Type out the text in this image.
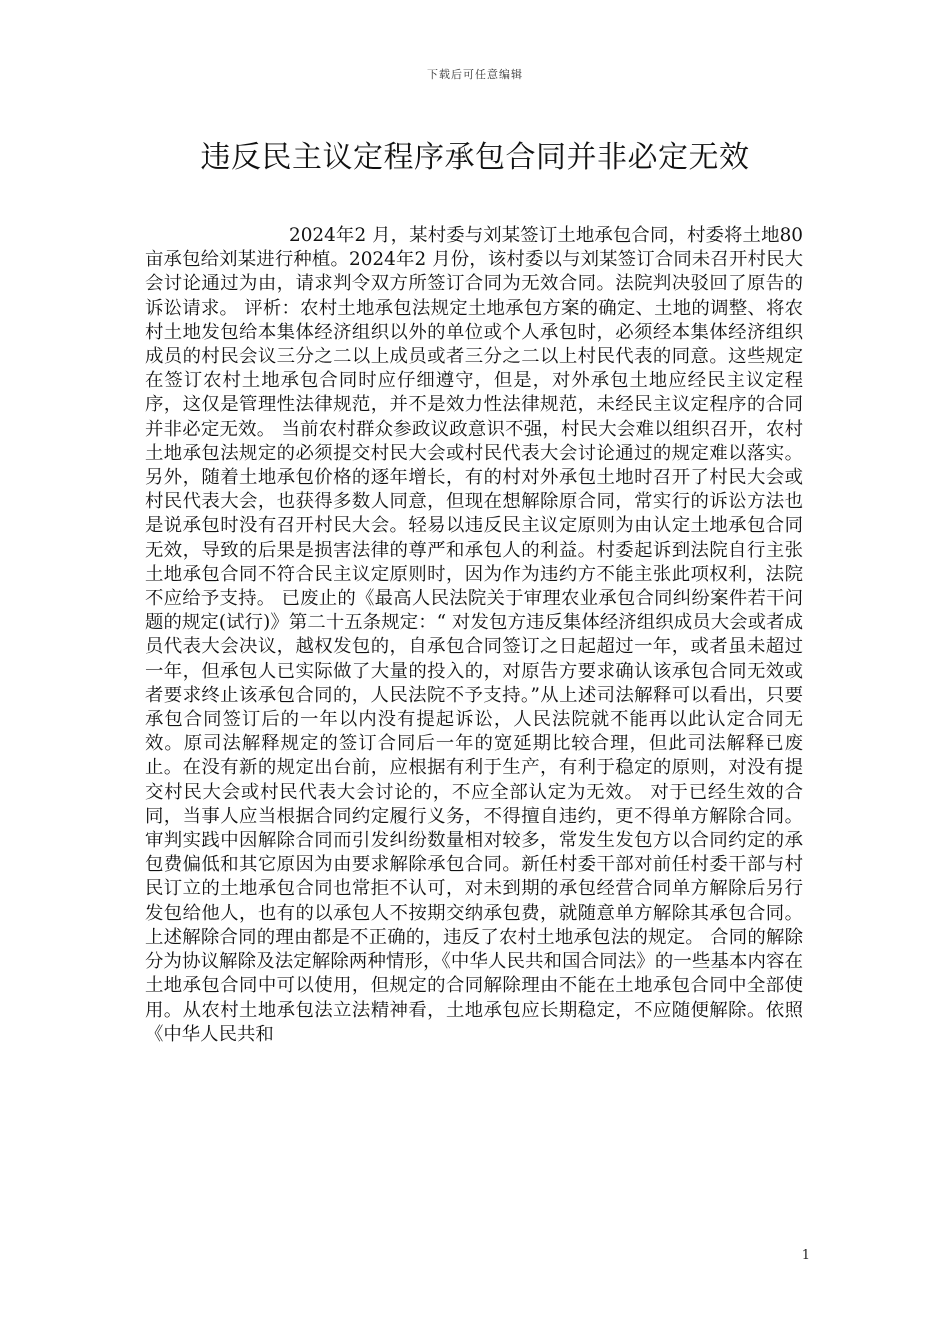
下载后可任意编辑
违反民主议定程序承包合同并非必定无效

2024年2 月，某村委与刘某签订土地承包合同，村委将土地80亩承包给刘某进行种植。2024年2 月份，该村委以与刘某签订合同未召开村民大会讨论通过为由，请求判令双方所签订合同为无效合同。法院判决驳回了原告的诉讼请求。 评析：农村土地承包法规定土地承包方案的确定、土地的调整、将农村土地发包给本集体经济组织以外的单位或个人承包时，必须经本集体经济组织成员的村民会议三分之二以上成员或者三分之二以上村民代表的同意。这些规定在签订农村土地承包合同时应仔细遵守，但是，对外承包土地应经民主议定程序，这仅是管理性法律规范，并不是效力性法律规范，未经民主议定程序的合同并非必定无效。 当前农村群众参政议政意识不强，村民大会难以组织召开，农村土地承包法规定的必须提交村民大会或村民代表大会讨论通过的规定难以落实。另外，随着土地承包价格的逐年增长，有的村对外承包土地时召开了村民大会或村民代表大会，也获得多数人同意，但现在想解除原合同，常实行的诉讼方法也是说承包时没有召开村民大会。轻易以违反民主议定原则为由认定土地承包合同无效，导致的后果是损害法律的尊严和承包人的利益。村委起诉到法院自行主张土地承包合同不符合民主议定原则时，因为作为违约方不能主张此项权利，法院不应给予支持。 已废止的《最高人民法院关于审理农业承包合同纠纷案件若干问题的规定(试行)》第二十五条规定：“ 对发包方违反集体经济组织成员大会或者成员代表大会决议，越权发包的，自承包合同签订之日起超过一年，或者虽未超过一年，但承包人已实际做了大量的投入的，对原告方要求确认该承包合同无效或者要求终止该承包合同的，人民法院不予支持。”从上述司法解释可以看出，只要承包合同签订后的一年以内没有提起诉讼，人民法院就不能再以此认定合同无效。原司法解释规定的签订合同后一年的宽延期比较合理，但此司法解释已废止。在没有新的规定出台前，应根据有利于生产，有利于稳定的原则，对没有提交村民大会或村民代表大会讨论的，不应全部认定为无效。 对于已经生效的合同，当事人应当根据合同约定履行义务，不得擅自违约，更不得单方解除合同。审判实践中因解除合同而引发纠纷数量相对较多，常发生发包方以合同约定的承包费偏低和其它原因为由要求解除承包合同。新任村委干部对前任村委干部与村民订立的土地承包合同也常拒不认可，对未到期的承包经营合同单方解除后另行发包给他人，也有的以承包人不按期交纳承包费，就随意单方解除其承包合同。上述解除合同的理由都是不正确的，违反了农村土地承包法的规定。 合同的解除分为协议解除及法定解除两种情形，《中华人民共和国合同法》的一些基本内容在土地承包合同中可以使用，但规定的合同解除理由不能在土地承包合同中全部使用。从农村土地承包法立法精神看，土地承包应长期稳定，不应随便解除。依照《中华人民共和

1
